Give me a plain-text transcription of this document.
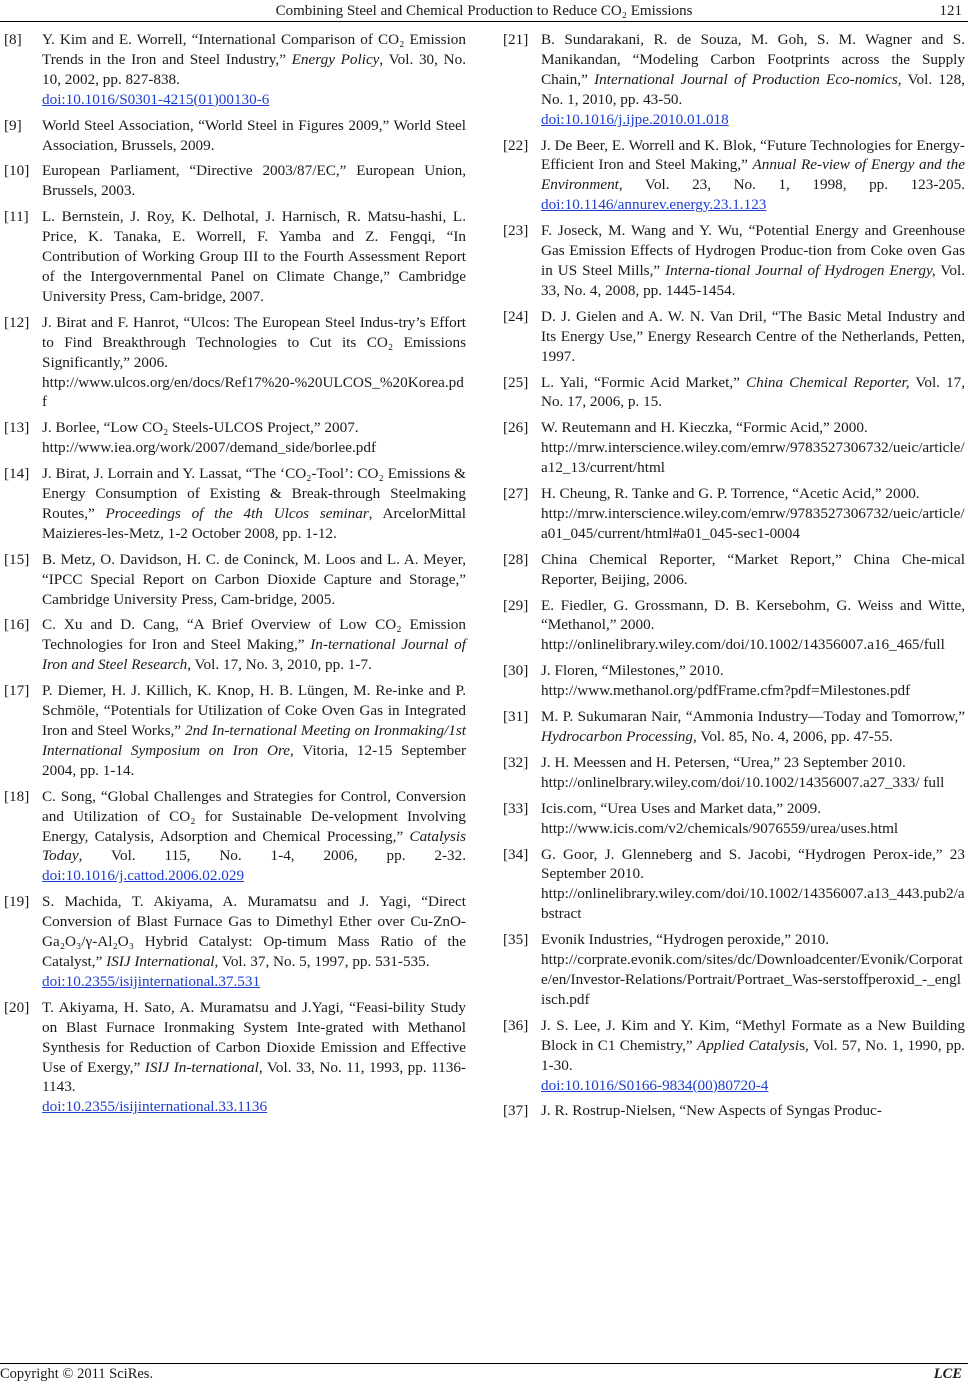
Combining Steel and Chemical Production to Reduce CO₂ Emissions	121
[8]	Y. Kim and E. Worrell, “International Comparison of CO₂ Emission Trends in the Iron and Steel Industry,” Energy Policy, Vol. 30, No. 10, 2002, pp. 827-838.
doi:10.1016/S0301-4215(01)00130-6
[9]	World Steel Association, “World Steel in Figures 2009,” World Steel Association, Brussels, 2009.
[10] European Parliament, “Directive 2003/87/EC,” European Union, Brussels, 2003.
[11] L. Bernstein, J. Roy, K. Delhotal, J. Harnisch, R. Matsu-hashi, L. Price, K. Tanaka, E. Worrell, F. Yamba and Z. Fengqi, “In Contribution of Working Group III to the Fourth Assessment Report of the Intergovernmental Panel on Climate Change,” Cambridge University Press, Cam-bridge, 2007.
[12] J. Birat and F. Hanrot, “Ulcos: The European Steel Indus-try’s Effort to Find Breakthrough Technologies to Cut its CO₂ Emissions Significantly,” 2006.
http://www.ulcos.org/en/docs/Ref17%20-%20ULCOS_%20Korea.pdf
[13] J. Borlee, “Low CO₂ Steels-ULCOS Project,” 2007.
http://www.iea.org/work/2007/demand_side/borlee.pdf
[14] J. Birat, J. Lorrain and Y. Lassat, “The ‘CO₂-Tool’: CO₂ Emissions & Energy Consumption of Existing & Break-through Steelmaking Routes,” Proceedings of the 4th Ulcos seminar, ArcelorMittal Maizieres-les-Metz, 1-2 October 2008, pp. 1-12.
[15] B. Metz, O. Davidson, H. C. de Coninck, M. Loos and L. A. Meyer, “IPCC Special Report on Carbon Dioxide Capture and Storage,” Cambridge University Press, Cam-bridge, 2005.
[16] C. Xu and D. Cang, “A Brief Overview of Low CO₂ Emission Technologies for Iron and Steel Making,” In-ternational Journal of Iron and Steel Research, Vol. 17, No. 3, 2010, pp. 1-7.
[17] P. Diemer, H. J. Killich, K. Knop, H. B. Lüngen, M. Re-inke and P. Schmöle, “Potentials for Utilization of Coke Oven Gas in Integrated Iron and Steel Works,” 2nd In-ternational Meeting on Ironmaking/1st International Symposium on Iron Ore, Vitoria, 12-15 September 2004, pp. 1-14.
[18] C. Song, “Global Challenges and Strategies for Control, Conversion and Utilization of CO₂ for Sustainable De-velopment Involving Energy, Catalysis, Adsorption and Chemical Processing,” Catalysis Today, Vol. 115, No. 1-4, 2006, pp. 2-32. doi:10.1016/j.cattod.2006.02.029
[19] S. Machida, T. Akiyama, A. Muramatsu and J. Yagi, “Direct Conversion of Blast Furnace Gas to Dimethyl Ether over Cu-ZnO-Ga₂O₃/γ-Al₂O₃ Hybrid Catalyst: Op-timum Mass Ratio of the Catalyst,” ISIJ International, Vol. 37, No. 5, 1997, pp. 531-535.
doi:10.2355/isijinternational.37.531
[20] T. Akiyama, H. Sato, A. Muramatsu and J.Yagi, “Feasi-bility Study on Blast Furnace Ironmaking System Inte-grated with Methanol Synthesis for Reduction of Carbon Dioxide Emission and Effective Use of Exergy,” ISIJ In-ternational, Vol. 33, No. 11, 1993, pp. 1136-1143.
doi:10.2355/isijinternational.33.1136
[21] B. Sundarakani, R. de Souza, M. Goh, S. M. Wagner and S. Manikandan, “Modeling Carbon Footprints across the Supply Chain,” International Journal of Production Eco-nomics, Vol. 128, No. 1, 2010, pp. 43-50.
doi:10.1016/j.ijpe.2010.01.018
[22] J. De Beer, E. Worrell and K. Blok, “Future Technologies for Energy-Efficient Iron and Steel Making,” Annual Re-view of Energy and the Environment, Vol. 23, No. 1, 1998, pp. 123-205. doi:10.1146/annurev.energy.23.1.123
[23] F. Joseck, M. Wang and Y. Wu, “Potential Energy and Greenhouse Gas Emission Effects of Hydrogen Produc-tion from Coke oven Gas in US Steel Mills,” Interna-tional Journal of Hydrogen Energy, Vol. 33, No. 4, 2008, pp. 1445-1454.
[24] D. J. Gielen and A. W. N. Van Dril, “The Basic Metal Industry and Its Energy Use,” Energy Research Centre of the Netherlands, Petten, 1997.
[25] L. Yali, “Formic Acid Market,” China Chemical Reporter, Vol. 17, No. 17, 2006, p. 15.
[26] W. Reutemann and H. Kieczka, “Formic Acid,” 2000.
http://mrw.interscience.wiley.com/emrw/9783527306732/ueic/article/a12_13/current/html
[27] H. Cheung, R. Tanke and G. P. Torrence, “Acetic Acid,” 2000.
http://mrw.interscience.wiley.com/emrw/9783527306732/ueic/article/a01_045/current/html#a01_045-sec1-0004
[28] China Chemical Reporter, “Market Report,” China Che-mical Reporter, Beijing, 2006.
[29] E. Fiedler, G. Grossmann, D. B. Kersebohm, G. Weiss and Witte, “Methanol,” 2000.
http://onlinelibrary.wiley.com/doi/10.1002/14356007.a16_465/full
[30] J. Floren, “Milestones,” 2010.
http://www.methanol.org/pdfFrame.cfm?pdf=Milestones.pdf
[31] M. P. Sukumaran Nair, “Ammonia Industry—Today and Tomorrow,” Hydrocarbon Processing, Vol. 85, No. 4, 2006, pp. 47-55.
[32] J. H. Meessen and H. Petersen, “Urea,” 23 September 2010.
http://onlinelbrary.wiley.com/doi/10.1002/14356007.a27_333/ full
[33] Icis.com, “Urea Uses and Market data,” 2009.
http://www.icis.com/v2/chemicals/9076559/urea/uses.html
[34] G. Goor, J. Glenneberg and S. Jacobi, “Hydrogen Perox-ide,” 23 September 2010.
http://onlinelibrary.wiley.com/doi/10.1002/14356007.a13_443.pub2/abstract
[35] Evonik Industries, “Hydrogen peroxide,” 2010.
http://corprate.evonik.com/sites/dc/Downloadcenter/Evonik/Corporate/en/Investor-Relations/Portrait/Portraet_Was-serstoffperoxid_-_englisch.pdf
[36] J. S. Lee, J. Kim and Y. Kim, “Methyl Formate as a New Building Block in C1 Chemistry,” Applied Catalysis, Vol. 57, No. 1, 1990, pp. 1-30.
doi:10.1016/S0166-9834(00)80720-4
[37] J. R. Rostrup-Nielsen, “New Aspects of Syngas Produc-
Copyright © 2011 SciRes.	LCE
